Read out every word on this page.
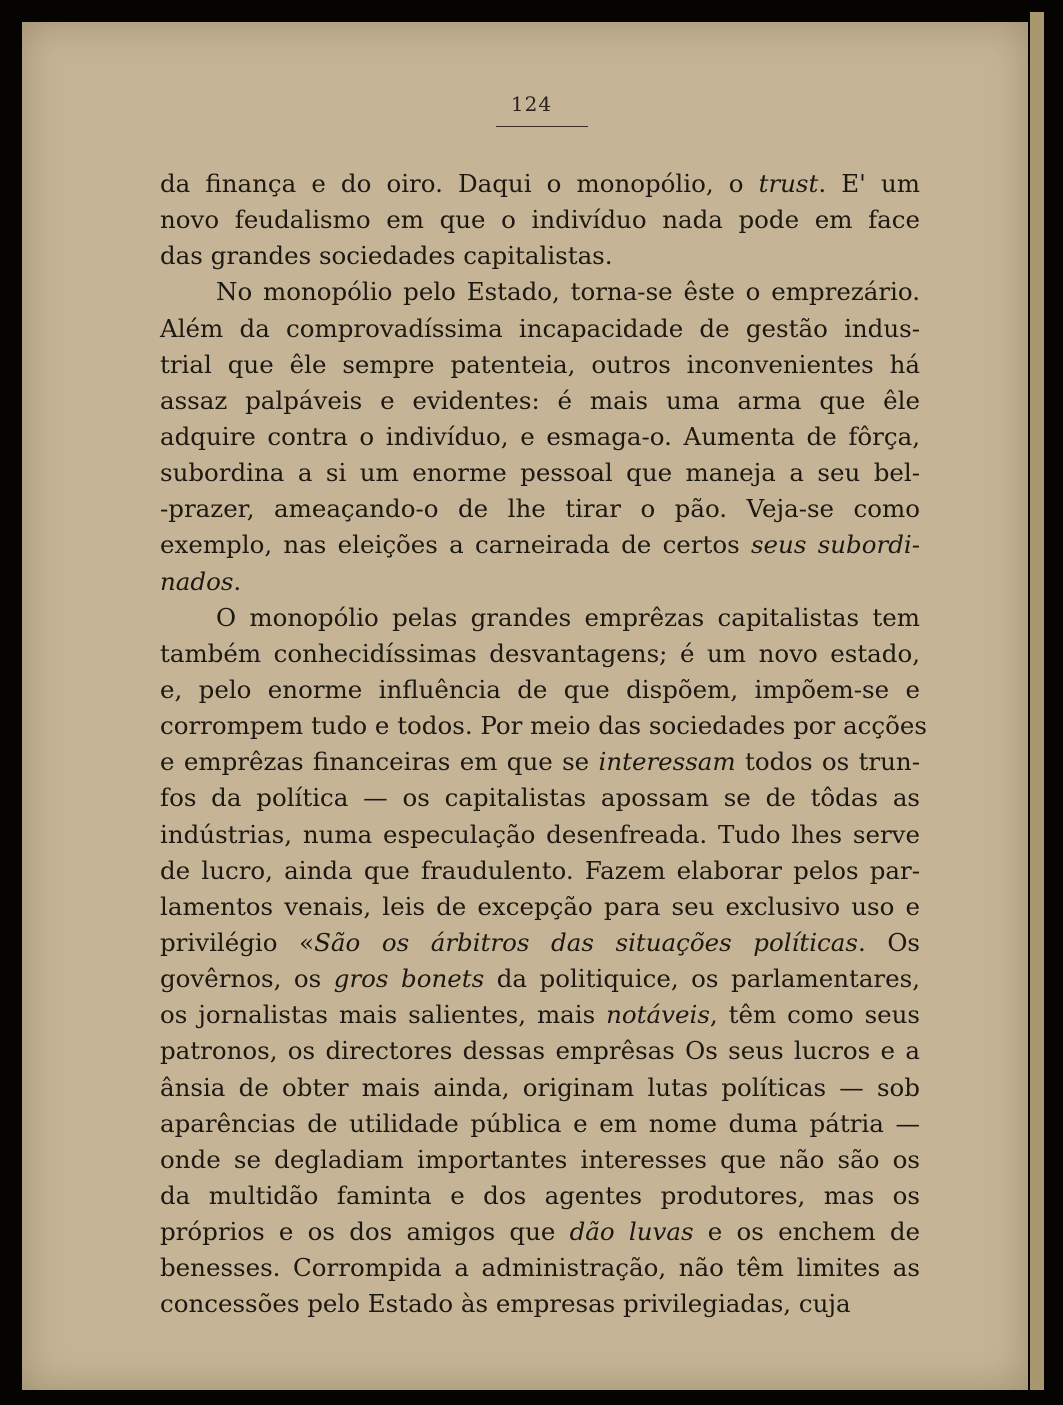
124
da finança e do oiro. Daqui o monopólio, o trust. E' um
novo feudalismo em que o indivíduo nada pode em face
das grandes sociedades capitalistas.
No monopólio pelo Estado, torna-se êste o emprezário.
Além da comprovadíssima incapacidade de gestão indus-
trial que êle sempre patenteia, outros inconvenientes há
assaz palpáveis e evidentes: é mais uma arma que êle
adquire contra o indivíduo, e esmaga-o. Aumenta de fôrça,
subordina a si um enorme pessoal que maneja a seu bel-
-prazer, ameaçando-o de lhe tirar o pão. Veja-se como
exemplo, nas eleições a carneirada de certos seus subordi-
nados.
O monopólio pelas grandes emprêzas capitalistas tem
também conhecidíssimas desvantagens; é um novo estado,
e, pelo enorme influência de que dispõem, impõem-se e
corrompem tudo e todos. Por meio das sociedades por acções
e emprêzas financeiras em que se interessam todos os trun-
fos da política — os capitalistas apossam se de tôdas as
indústrias, numa especulação desenfreada. Tudo lhes serve
de lucro, ainda que fraudulento. Fazem elaborar pelos par-
lamentos venais, leis de excepção para seu exclusivo uso e
privilégio «São os árbitros das situações políticas. Os
govêrnos, os gros bonets da politiquice, os parlamentares,
os jornalistas mais salientes, mais notáveis, têm como seus
patronos, os directores dessas emprêsas Os seus lucros e a
ânsia de obter mais ainda, originam lutas políticas — sob
aparências de utilidade pública e em nome duma pátria —
onde se degladiam importantes interesses que não são os
da multidão faminta e dos agentes produtores, mas os
próprios e os dos amigos que dão luvas e os enchem de
benesses. Corrompida a administração, não têm limites as
concessões pelo Estado às empresas privilegiadas, cuja
